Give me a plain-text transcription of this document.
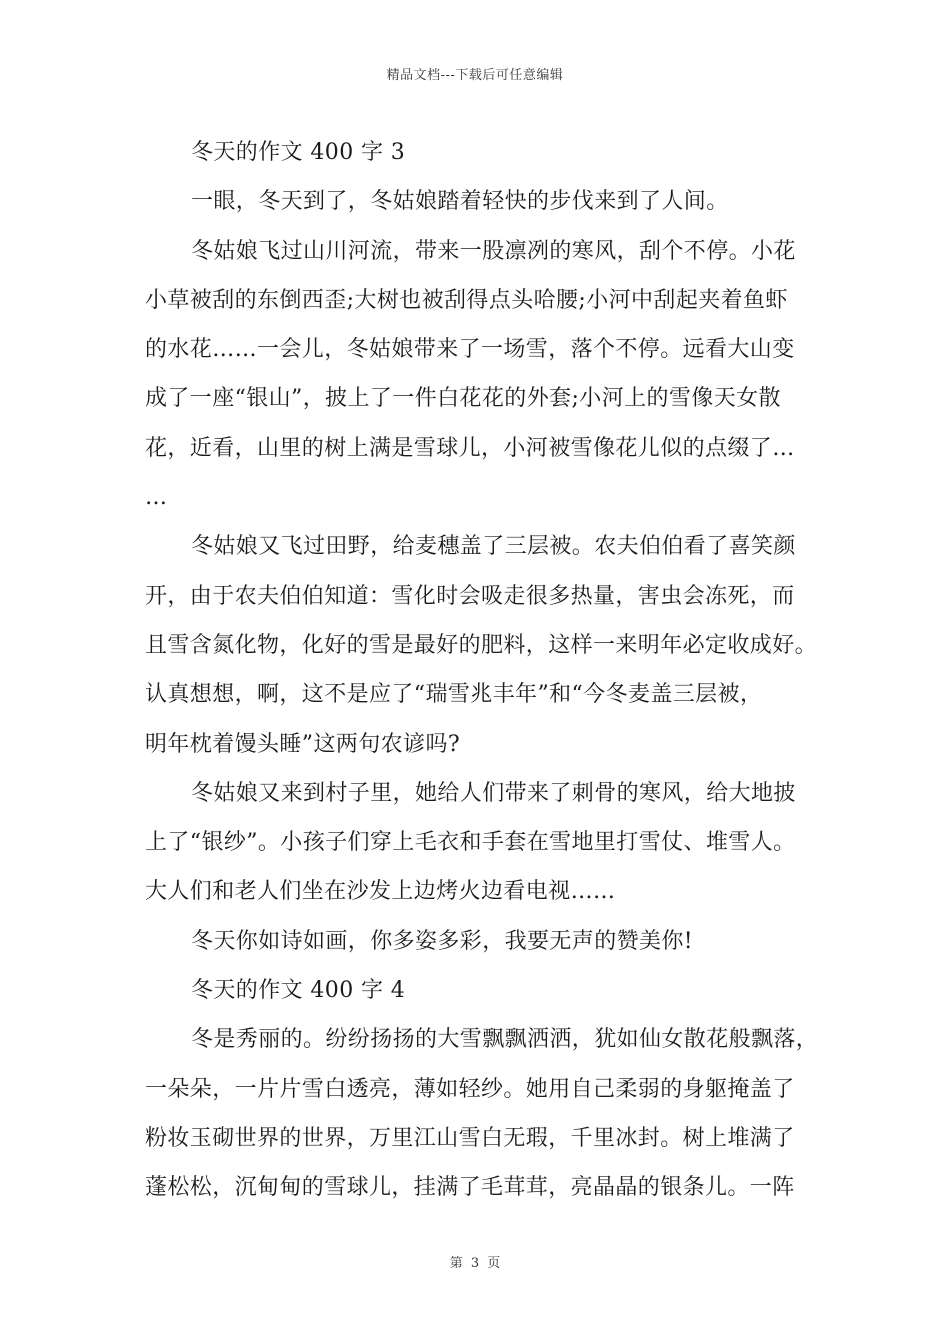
精品文档---下载后可任意编辑
冬天的作文 400 字 3
一眼，冬天到了，冬姑娘踏着轻快的步伐来到了人间。
冬姑娘飞过山川河流，带来一股凛冽的寒风，刮个不停。小花
小草被刮的东倒西歪;大树也被刮得点头哈腰;小河中刮起夹着鱼虾
的水花……一会儿，冬姑娘带来了一场雪，落个不停。远看大山变
成了一座“银山”，披上了一件白花花的外套;小河上的雪像天女散
花，近看，山里的树上满是雪球儿，小河被雪像花儿似的点缀了…
…
冬姑娘又飞过田野，给麦穗盖了三层被。农夫伯伯看了喜笑颜
开，由于农夫伯伯知道：雪化时会吸走很多热量，害虫会冻死，而
且雪含氮化物，化好的雪是最好的肥料，这样一来明年必定收成好。
认真想想，啊，这不是应了“瑞雪兆丰年”和“今冬麦盖三层被，
明年枕着馒头睡”这两句农谚吗?
冬姑娘又来到村子里，她给人们带来了刺骨的寒风，给大地披
上了“银纱”。小孩子们穿上毛衣和手套在雪地里打雪仗、堆雪人。
大人们和老人们坐在沙发上边烤火边看电视……
冬天你如诗如画，你多姿多彩，我要无声的赞美你!
冬天的作文 400 字 4
冬是秀丽的。纷纷扬扬的大雪飘飘洒洒，犹如仙女散花般飘落，
一朵朵，一片片雪白透亮，薄如轻纱。她用自己柔弱的身躯掩盖了
粉妆玉砌世界的世界，万里江山雪白无瑕，千里冰封。树上堆满了
蓬松松，沉甸甸的雪球儿，挂满了毛茸茸，亮晶晶的银条儿。一阵
第 3 页
